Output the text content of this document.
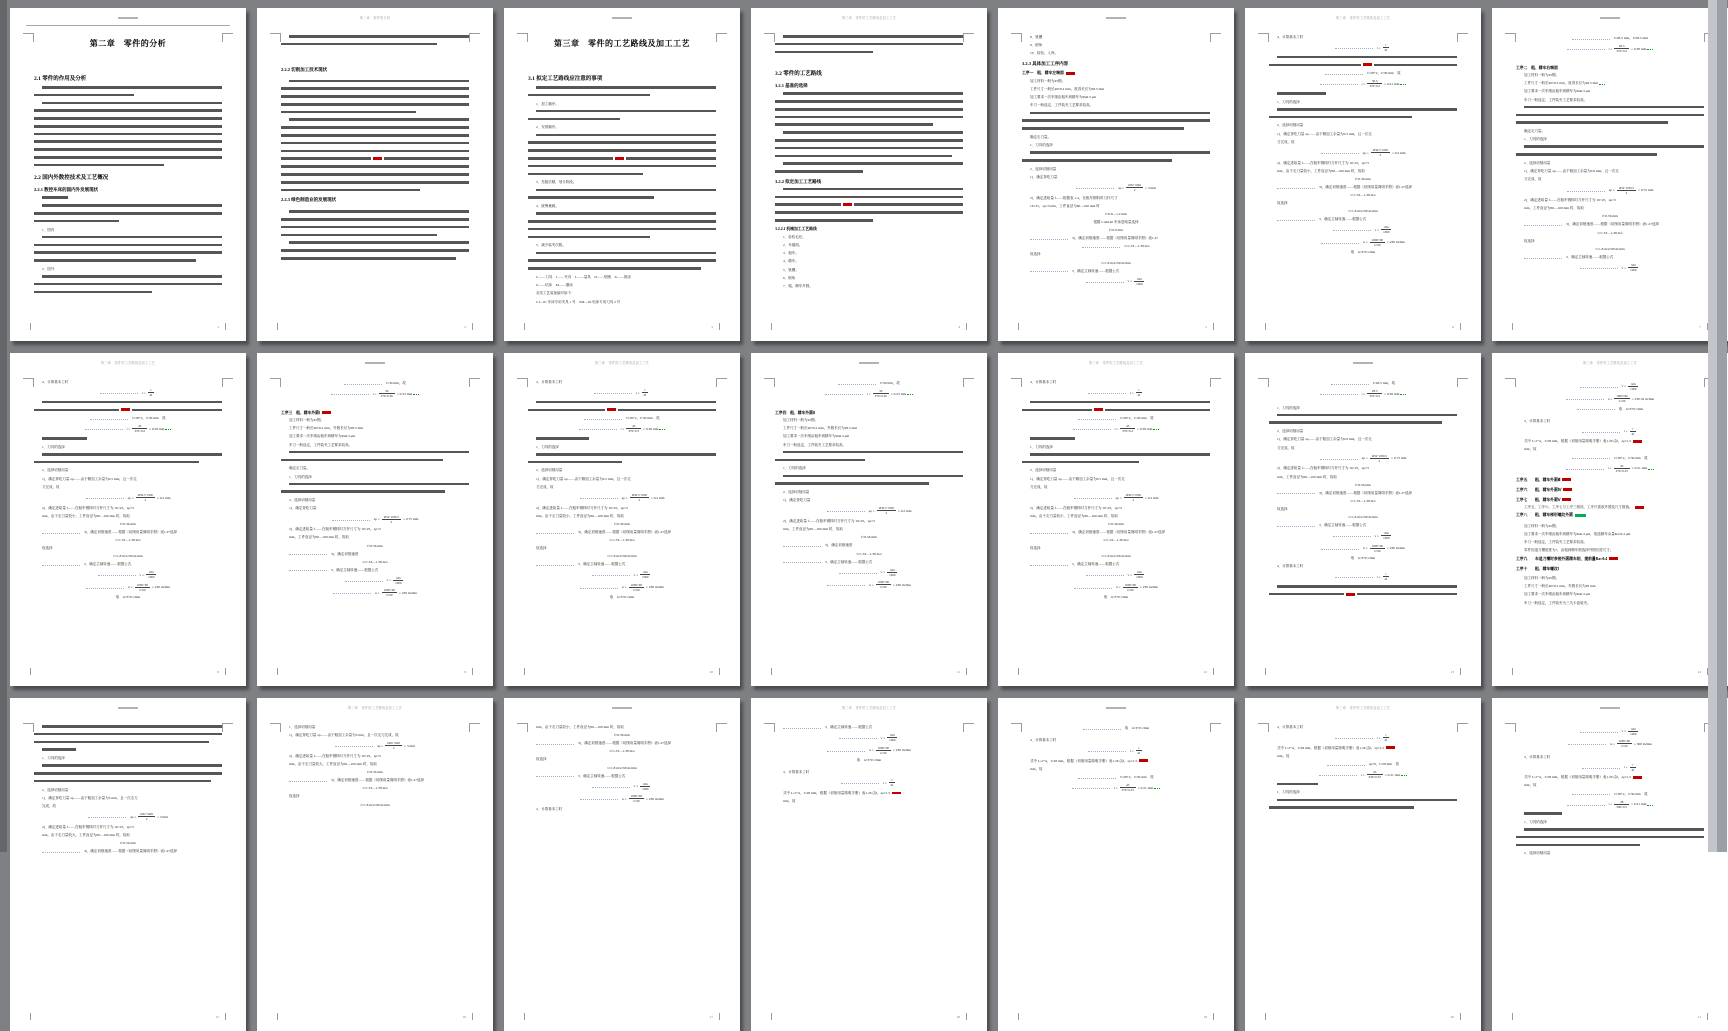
1
第二章　零件的分析
2.1 零件的作用及分析
2.2 国内外数控技术及工艺概况
2.2.1 数控车床的国内外发展现状
1．国内
2．国外
第二章　零件的分析
2
2.2.2 切削加工技术现状
2.2.3 绿色制造业的发展现状
3
第三章　零件的工艺路线及加工工艺
3.1 拟定工艺路线应注意的事项
1．加工顺序。
2．安排顺序。
3．先粗后精，划分阶段。
4．统筹兼顾。
5．减少装夹次数。
C——刀具　J——夹具　L——量具　D——垫圈　X——铣床
Z——钻床　M——磨床
各类工艺装备编号如下：
CJ—01 车床专用夹具 1 号　ZM—02 钻床专用刀具 2 号
第三章　零件的工艺路线及加工工艺
4
3.2 零件的工艺路线
3.2.1 基准的选择
3.2.2 拟定加工工艺路线
3.2.2.1 机械加工工艺路线
1．检验毛坯。
2．车端面。
3．粗车。
4．精车。
5．铣槽。
6．倒角
7．粗、精车外圆。
5
8．铣槽
9．倒角
10．检验、入库。
3.2.3 具体加工工序内容
工序一　粗、精车左端面
加工材料一般为45钢。
工件尺寸一般长40±0.2 mm，故得长仅为28.5 mm
加工要求一次车削由粗车到精车为Ra6.3 μm
车刀一般选定，工件装夹工艺要求较高。
确定走刀量。
1．刀具的选择
2．选择切削用量
1)．确定背吃刀量
ap = $\frac{Ø32-Ø26}{2} = 3$ mm
2)．确定进给量 f——根据表 1-4，在粗车钢料时刀杆尺寸
16×25，ap≈3 mm，工件直径为60—100 mm 时
f≈0.8—1.2 mm
根据 CA6140 车床进给量选择
f≈0.9 mm
3)．确定切削速度——根据《切削用量简明手册》表1.27
v≈1.33—1.38 m/s
故选择
v≈1.8 m/s≈90 m/min
3．确定主轴转速——根据公式
$v = \frac{\text{πdn}}{1000}$
第三章　零件的工艺路线及加工工艺
6
4．计算基本工时
$t = \frac{l}{nf}$
l≈28+2，l≈30 mm　故
$t = \frac{30.5}{370\times 0.2} = 0.41$ min
1．刀具的选择
2．选择切削用量
1)．确定背吃刀量 ap——由于精加工余量为0.5 mm，且一次走
刀完成，故
ap = $\frac{Ø30.5-Ø30}{2} = 0.2$ mm
2)．确定进给量 f——在粗车钢料时刀杆尺寸为 16×25，ap≈3
mm，由于走刀量较小，工件直径为60—100 mm 时，故取
f≈0.36 mm
3)．确定切削速度——根据《切削用量简明手册》表1.27选择
v≈1.33—1.38 m/s
故选择
v≈1.8 m/s≈90 m/min
3．确定主轴转速——根据公式
$v = \frac{\text{πdn}}{1000}$
$n = \frac{1000\times 90}{\pi\times 60} = 230$ m/min
取　n≈370 r/min
7
l≈28.5 mm，l≈28.5 mm
$t = \frac{28.5}{370\times 0.2} = 0.38$ min
工序二　粗、精车右端面
加工材料一般为45钢。
工件尺寸一般长40±0.2 mm，故得长仅为28.5 mm
加工要求一次车削由粗车到精车为Ra6.3 μm
车刀一般选定，工件装夹工艺要求较高。
确定走刀量。
1．刀具的选择
2．选择切削用量
1)．确定背吃刀量 ap——由于粗加工余量为0.8 mm，且一次走
刀完成，故
ap = $\frac{Ø32-Ø30.5}{2} = 0.75$ mm
2)．确定进给量 f——在粗车钢料时刀杆尺寸为 16×25，ap≈3
mm，工件直径为60—100 mm 时，故取
f≈0.56 mm
3)．确定切削速度——根据《切削用量简明手册》表1.27选择
v≈1.33—1.38 m/s
故选择
v≈1.8 m/s≈90 m/min
3．确定主轴转速——根据公式
$v = \frac{\text{πdn}}{1000}$
第三章　零件的工艺路线及加工工艺
8
4．计算基本工时
$t = \frac{l}{nf}$
l≈28+2，l≈30 mm　故
$t = \frac{43}{370\times 0.2} = 0.58$ min
1．刀具的选择
2．选择切削用量
1)．确定背吃刀量 ap——由于精加工余量为0.5 mm，且一次走
刀完成，故
ap = $\frac{Ø30.5-Ø30}{2} = 0.2$ mm
2)．确定进给量 f——在粗车钢料时刀杆尺寸为 16×25，ap≈3
mm，由于走刀量较小，工件直径为60—100 mm 时，故取
f≈0.36 mm
3)．确定切削速度——根据《切削用量简明手册》表1.27选择
v≈1.33—1.38 m/s
故选择
v≈1.8 m/s≈90 m/min
3．确定主轴转速——根据公式
$v = \frac{\text{πdn}}{1000}$
$n = \frac{1000\times 90}{\pi\times 60} = 230$ m/min
取　n≈370 r/min
9
l≈30 mm，故
$t = \frac{30}{370\times 0.36} = 0.23$ min
工序三　粗、精车外圆Ⅰ
加工材料一般为45钢。
工件尺寸一般长40±0.2 mm，外圆长仅为28.5 mm
加工要求一次车削由粗车到精车为Ra6.3 μm
车刀一般选定，工件装夹工艺要求较高。
确定走刀量。
1．刀具的选择
2．选择切削用量
1)．确定背吃刀量
ap = $\frac{Ø32-Ø30.5}{2} = 0.75$ mm
2)．确定进给量 f——在粗车钢料时刀杆尺寸为 16×25，ap≈3
mm，工件直径为60—100 mm 时，故取
f≈0.56 mm
3)．确定切削速度
v≈1.33—1.38 m/s
3．确定主轴转速——根据公式
$v = \frac{\text{πdn}}{1000}$
$n = \frac{1000\times 90}{\pi\times 60} = 230$ m/min
第三章　零件的工艺路线及加工工艺
10
4．计算基本工时
$t = \frac{l}{nf}$
l≈28+2，l≈30 mm　故
$t = \frac{43}{370\times 0.3} = 0.39$ min
1．刀具的选择
2．选择切削用量
1)．确定背吃刀量 ap——由于精加工余量为0.5 mm，且一次走
刀完成，故
ap = $\frac{Ø30.5-Ø30}{2} = 0.2$ mm
2)．确定进给量 f——在粗车钢料时刀杆尺寸为 16×25，ap≈3
mm，由于走刀量较小，工件直径为60—100 mm 时，故取
f≈0.36 mm
3)．确定切削速度——根据《切削用量简明手册》表1.27选择
v≈1.33—1.38 m/s
故选择
v≈1.8 m/s≈90 m/min
3．确定主轴转速——根据公式
$v = \frac{\text{πdn}}{1000}$
$n = \frac{1000\times 90}{\pi\times 60} = 230$ m/min
取　n≈370 r/min
11
l≈30 mm，故
$t = \frac{30}{370\times 0.36} = 0.23$ min
工序四　粗、精车外圆Ⅱ
加工材料一般为45钢。
工件尺寸一般长40±0.2 mm，外圆长仅为28.5 mm
加工要求一次车削由粗车到精车为Ra6.3 μm
车刀一般选定，工件装夹工艺要求较高。
1．刀具的选择
2．选择切削用量
1)．确定背吃刀量
ap = $\frac{Ø30.5-Ø30}{2} = 0.2$ mm
2)．确定进给量 f——在粗车钢料时刀杆尺寸为 16×25，ap≈3
mm，工件直径为60—100 mm 时，故取
f≈0.56 mm
3)．确定切削速度
v≈1.33—1.38 m/s
3．确定主轴转速——根据公式
$v = \frac{\text{πdn}}{1000}$
$n = \frac{1000\times 90}{\pi\times 60} = 230$ m/min
第三章　零件的工艺路线及加工工艺
12
4．计算基本工时
$t = \frac{l}{nf}$
l≈28+2，l≈30 mm　故
$t = \frac{43}{370\times 0.2} = 0.58$ min
1．刀具的选择
2．选择切削用量
1)．确定背吃刀量 ap——由于精加工余量为0.5 mm，且一次走
刀完成，故
ap = $\frac{Ø30.5-Ø30}{2} = 0.2$ mm
2)．确定进给量 f——在粗车钢料时刀杆尺寸为 16×25，ap≈3
mm，由于走刀量较小，工件直径为60—100 mm 时，故取
f≈0.36 mm
3)．确定切削速度——根据《切削用量简明手册》表1.27选择
v≈1.33—1.38 m/s
故选择
v≈1.8 m/s≈90 m/min
3．确定主轴转速——根据公式
$v = \frac{\text{πdn}}{1000}$
$n = \frac{1000\times 90}{\pi\times 60} = 230$ m/min
取　n≈370 r/min
13
l≈28.5 mm，故
$t = \frac{28.5}{370\times 0.2} = 0.38$ min
1．刀具的选择
2．选择切削用量
1)．确定背吃刀量 ap——由于粗加工余量为0.8 mm，且一次走
刀完成，故
ap = $\frac{Ø32-Ø30.5}{2} = 0.75$ mm
2)．确定进给量 f——在粗车钢料时刀杆尺寸为 16×25，ap≈3
mm，工件直径为60—100 mm 时，故取
f≈0.56 mm
3)．确定切削速度——根据《切削用量简明手册》表1.27选择
v≈1.33—1.38 m/s
故选择
v≈1.8 m/s≈90 m/min
3．确定主轴转速——根据公式
$v = \frac{\text{πdn}}{1000}$
$n = \frac{1000\times 90}{\pi\times 60} = 230$ m/min
取　n≈370 r/min
4．计算基本工时
$t = \frac{l}{nf}$
第三章　零件的工艺路线及加工工艺
14
$v = \frac{\text{πdn}}{1000}$
$n = \frac{1000\times 90}{\pi\times 60} = 230.32$ m/min
取　n≈370 r/min
4．计算基本工时
$t = \frac{l}{nf}$
式中 L=l+Δ，l≈28 mm，根据《切削用量简明手册》表1.26 由f、ap≈1.5
mm，故
l≈28+2，l≈30 mm　故
$t = \frac{43}{370\times 0.33} = 0.21$ min
工序五　　粗、精车外圆Ⅲ
工序六　　粗、精车外圆Ⅳ
工序七　　粗、精车外圆Ⅴ
工序五、工序六、工序七与工序三相同，工序只需改外圆及尺寸数值。
工序八　　粗、精车梯形螺纹外圆
加工材料一般为45钢。
加工要求一次车削由粗车到精车为Ra6.3 μm，故选精车余量Ra≈0.4 μm
车刀一般选定，工件装夹工艺要求较高。
零件因退刀槽宽度为7，由粗到精车削选择外圆长度尺寸。
工序九　　车退刀槽时参照外圆精车削，提前量Ra≈0.4
工序十　　粗、精车螺纹Ⅰ
加工材料一般为45钢。
工件尺寸一般长40±0.2 mm，外圆长仅为28 mm
加工要求一次车削由粗车到精车为Ra6.3 μm
车刀一般选定，工件装夹为三爪卡盘装夹。
15
1．刀具的选择
2．选择切削用量
1)．确定背吃刀量 ap——由于粗加工余量为3 mm，且一次走刀
完成，故
ap = $\frac{Ø32-Ø26}{2} = 3$ mm
2)．确定进给量 f——在粗车钢料时刀杆尺寸为 16×25，ap≈3
mm，由于走刀量较大，工件直径为60—100 mm 时，故取
f≈0.56 mm
3)．确定切削速度——根据《切削用量简明手册》表1.27选择
第三章　零件的工艺路线及加工工艺
16
1．选择切削用量
1)．确定背吃刀量 ap——由于粗加工余量为3 mm，且一次走刀完成，故
ap = $\frac{Ø26-Ø20}{2} = 3$ mm
2)．确定进给量 f——在粗车钢料时刀杆尺寸为 16×25，ap≈3
mm，由于走刀量较大，工件直径为60—100 mm 时，故取
f≈0.56 mm
3)．确定切削速度——根据《切削用量简明手册》表1.27选择
v≈1.33—1.38 m/s
故选择
v≈1.8 m/s≈90 m/min
17
mm，由于走刀量较小，工件直径为60—100 mm 时，故取
f≈0.36 mm
3)．确定切削速度——根据《切削用量简明手册》表1.27选择
v≈1.33—1.38 m/s
故选择
v≈1.8 m/s≈90 m/min
3．确定主轴转速——根据公式
$v = \frac{\text{πdn}}{1000}$
$n = \frac{1000\times 90}{\pi\times 60} = 230$ m/min
4．计算基本工时
第三章　零件的工艺路线及加工工艺
18
3．确定主轴转速——根据公式
$v = \frac{\text{πdn}}{1000}$
$n = \frac{1000\times 90}{\pi\times 60} = 230$ m/min
取　n≈370 r/min
4．计算基本工时
$t = \frac{l}{nf}$
式中 L=l+Δ，l≈28 mm，根据《切削用量简明手册》表1.26 由f、ap≈1.5
mm，故
19
取　n≈370 r/min
4．计算基本工时
$t = \frac{l}{nf}$
式中 L=l+Δ，l≈28 mm，根据《切削用量简明手册》表1.26 由f、ap≈1.5
mm，故
l≈28+2，l≈30 mm　故
$t = \frac{43}{370\times 0.33} = 0.21$ min
第三章　零件的工艺路线及加工工艺
20
4．计算基本工时
$t = \frac{l}{nf}$
式中 L=l+Δ，l≈28 mm，根据《切削用量简明手册》表1.26 由f、ap≈1.5
mm，故
ap≈9，l≈28 mm　故
$t = \frac{43}{630\times 0.33} = 0.21$ min
1．刀具的选择
21
$v = \frac{\text{πdn}}{1000}$
$n = \frac{1000\times 60}{\pi\times 60} = 300$ m/min
4．计算基本工时
$t = \frac{l}{nf}$
式中 L=l+Δ，l≈28 mm，根据《切削用量简明手册》表1.26 由f、ap≈1.5
mm，故
l≈28+2，l≈30 mm　故
$t = \frac{28}{300\times 0.5} = 0.21$ min
1．刀具的选择
2．选择切削用量
